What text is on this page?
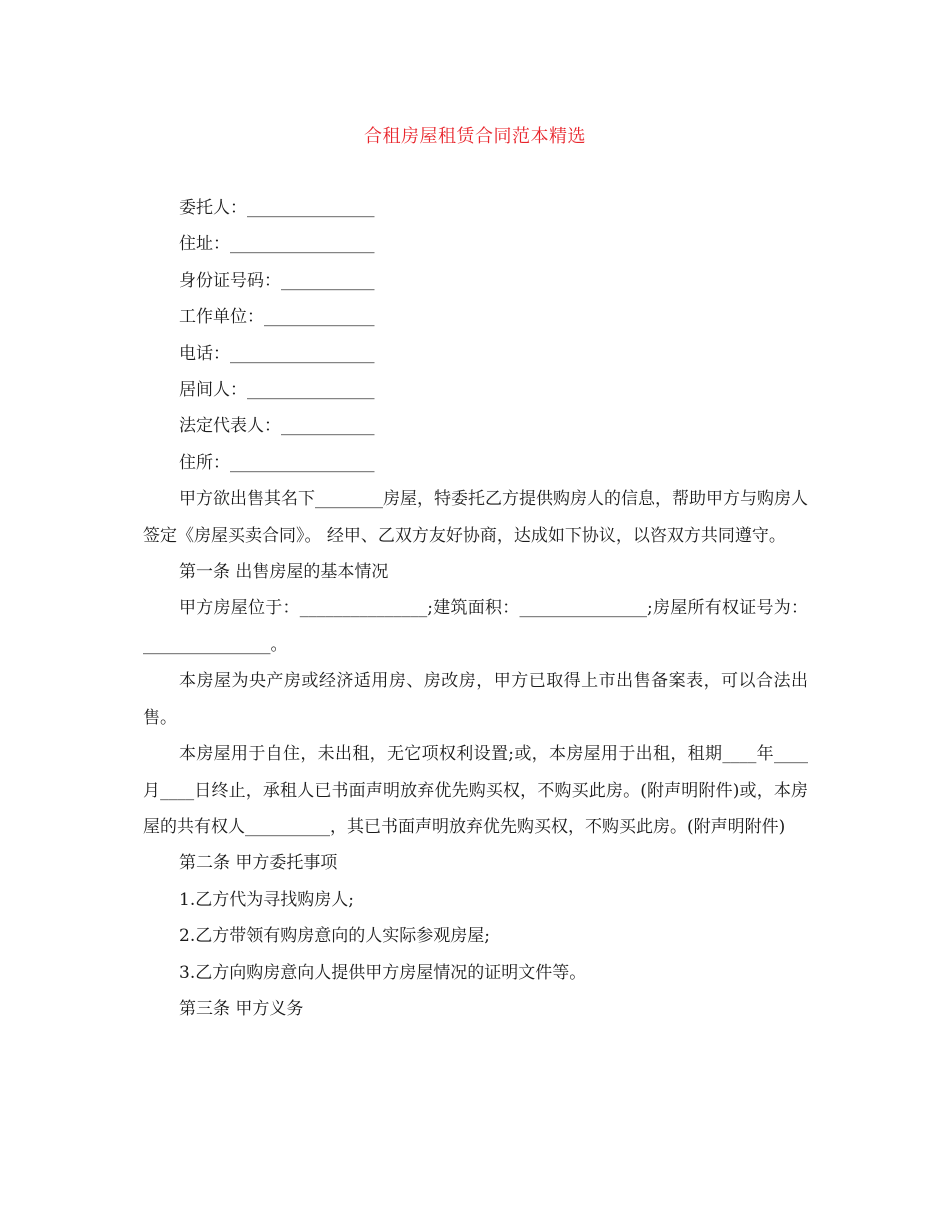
合租房屋租赁合同范本精选
委托人：_______________
住址：_________________
身份证号码：___________
工作单位：_____________
电话：_________________
居间人：_______________
法定代表人：___________
住所：_________________

甲方欲出售其名下________房屋，特委托乙方提供购房人的信息，帮助甲方与购房人签定《房屋买卖合同》。 经甲、乙双方友好协商，达成如下协议，以咨双方共同遵守。

第一条 出售房屋的基本情况

甲方房屋位于：_______________;建筑面积：_______________;房屋所有权证号为：_______________。

本房屋为央产房或经济适用房、房改房，甲方已取得上市出售备案表，可以合法出售。

本房屋用于自住，未出租，无它项权利设置;或，本房屋用于出租，租期____年____月____日终止，承租人已书面声明放弃优先购买权，不购买此房。(附声明附件)或，本房屋的共有权人__________，其已书面声明放弃优先购买权，不购买此房。(附声明附件)

第二条 甲方委托事项
1.乙方代为寻找购房人;
2.乙方带领有购房意向的人实际参观房屋;
3.乙方向购房意向人提供甲方房屋情况的证明文件等。
第三条 甲方义务
